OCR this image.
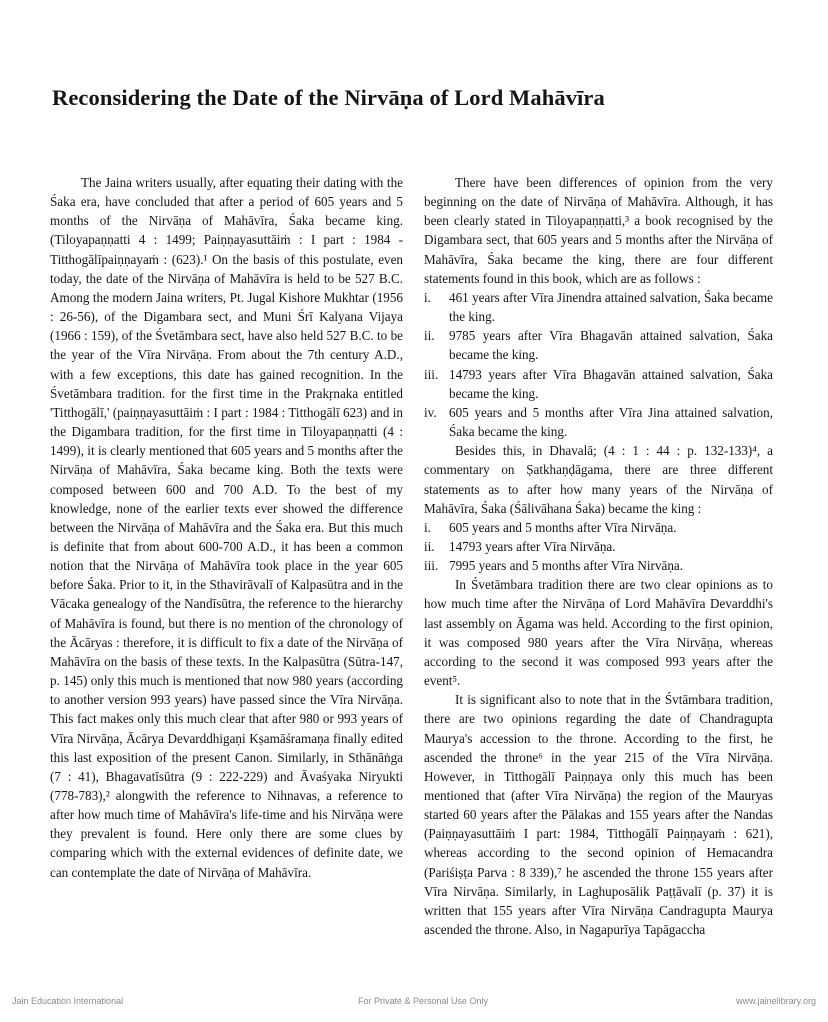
Reconsidering the Date of the Nirvāṇa of Lord Mahāvīra

The Jaina writers usually, after equating their dating with the Śaka era, have concluded that after a period of 605 years and 5 months of the Nirvāṇa of Mahāvīra, Śaka became king. (Tiloyapaṇṇatti 4 : 1499; Paiṇṇayasuttāiṁ : I part : 1984 - Titthogālīpaiṇṇayaṁ : (623).¹ On the basis of this postulate, even today, the date of the Nirvāṇa of Mahāvīra is held to be 527 B.C. Among the modern Jaina writers, Pt. Jugal Kishore Mukhtar (1956 : 26-56), of the Digambara sect, and Muni Śrī Kalyana Vijaya (1966 : 159), of the Śvetāmbara sect, have also held 527 B.C. to be the year of the Vīra Nirvāṇa. From about the 7th century A.D., with a few exceptions, this date has gained recognition. In the Śvetāmbara tradition. for the first time in the Prakṛnaka entitled 'Titthogālī,' (paiṇṇayasuttāiṁ : I part : 1984 : Titthogālī 623) and in the Digambara tradition, for the first time in Tiloyapaṇṇatti (4 : 1499), it is clearly mentioned that 605 years and 5 months after the Nirvāṇa of Mahāvīra, Śaka became king. Both the texts were composed between 600 and 700 A.D. To the best of my knowledge, none of the earlier texts ever showed the difference between the Nirvāṇa of Mahāvīra and the Śaka era. But this much is definite that from about 600-700 A.D., it has been a common notion that the Nirvāṇa of Mahāvīra took place in the year 605 before Śaka. Prior to it, in the Sthavirāvalī of Kalpasūtra and in the Vācaka genealogy of the Nandīsūtra, the reference to the hierarchy of Mahāvīra is found, but there is no mention of the chronology of the Ācāryas : therefore, it is difficult to fix a date of the Nirvāṇa of Mahāvīra on the basis of these texts. In the Kalpasūtra (Sūtra-147, p. 145) only this much is mentioned that now 980 years (according to another version 993 years) have passed since the Vīra Nirvāṇa. This fact makes only this much clear that after 980 or 993 years of Vīra Nirvāṇa, Ācārya Devarddhigaṇi Kṣamāśramaṇa finally edited this last exposition of the present Canon. Similarly, in Sthānāṅga (7 : 41), Bhagavatīsūtra (9 : 222-229) and Āvaśyaka Niryukti (778-783),² alongwith the reference to Nihnavas, a reference to after how much time of Mahāvīra's life-time and his Nirvāṇa were they prevalent is found. Here only there are some clues by comparing which with the external evidences of definite date, we can contemplate the date of Nirvāṇa of Mahāvīra.

There have been differences of opinion from the very beginning on the date of Nirvāṇa of Mahāvīra. Although, it has been clearly stated in Tiloyapaṇṇatti,³ a book recognised by the Digambara sect, that 605 years and 5 months after the Nirvāṇa of Mahāvīra, Śaka became the king, there are four different statements found in this book, which are as follows :

i. 461 years after Vīra Jinendra attained salvation, Śaka became the king.
ii. 9785 years after Vīra Bhagavān attained salvation, Śaka became the king.
iii. 14793 years after Vīra Bhagavān attained salvation, Śaka became the king.
iv. 605 years and 5 months after Vīra Jina attained salvation, Śaka became the king.

Besides this, in Dhavalā; (4 : 1 : 44 : p. 132-133)⁴, a commentary on Ṣatkhaṇḍāgama, there are three different statements as to after how many years of the Nirvāṇa of Mahāvīra, Śaka (Śālivāhana Śaka) became the king :

i. 605 years and 5 months after Vīra Nirvāṇa.
ii. 14793 years after Vīra Nirvāṇa.
iii. 7995 years and 5 months after Vīra Nirvāṇa.

In Śvetāmbara tradition there are two clear opinions as to how much time after the Nirvāṇa of Lord Mahāvīra Devarddhi's last assembly on Āgama was held. According to the first opinion, it was composed 980 years after the Vīra Nirvāṇa, whereas according to the second it was composed 993 years after the event⁵.

It is significant also to note that in the Śvtāmbara tradition, there are two opinions regarding the date of Chandragupta Maurya's accession to the throne. According to the first, he ascended the throne⁶ in the year 215 of the Vīra Nirvāṇa. However, in Titthogālī Paiṇṇaya only this much has been mentioned that (after Vīra Nirvāṇa) the region of the Mauryas started 60 years after the Pālakas and 155 years after the Nandas (Paiṇṇayasuttāiṁ I part: 1984, Titthogālī Paiṇṇayaṁ : 621), whereas according to the second opinion of Hemacandra (Pariśiṣṭa Parva : 8 339),⁷ he ascended the throne 155 years after Vīra Nirvāṇa. Similarly, in Laghuposālik Paṭṭāvalī (p. 37) it is written that 155 years after Vīra Nirvāṇa Candragupta Maurya ascended the throne. Also, in Nagapurīya Tapāgaccha

Jain Education International	For Private & Personal Use Only	www.jainelibrary.org
